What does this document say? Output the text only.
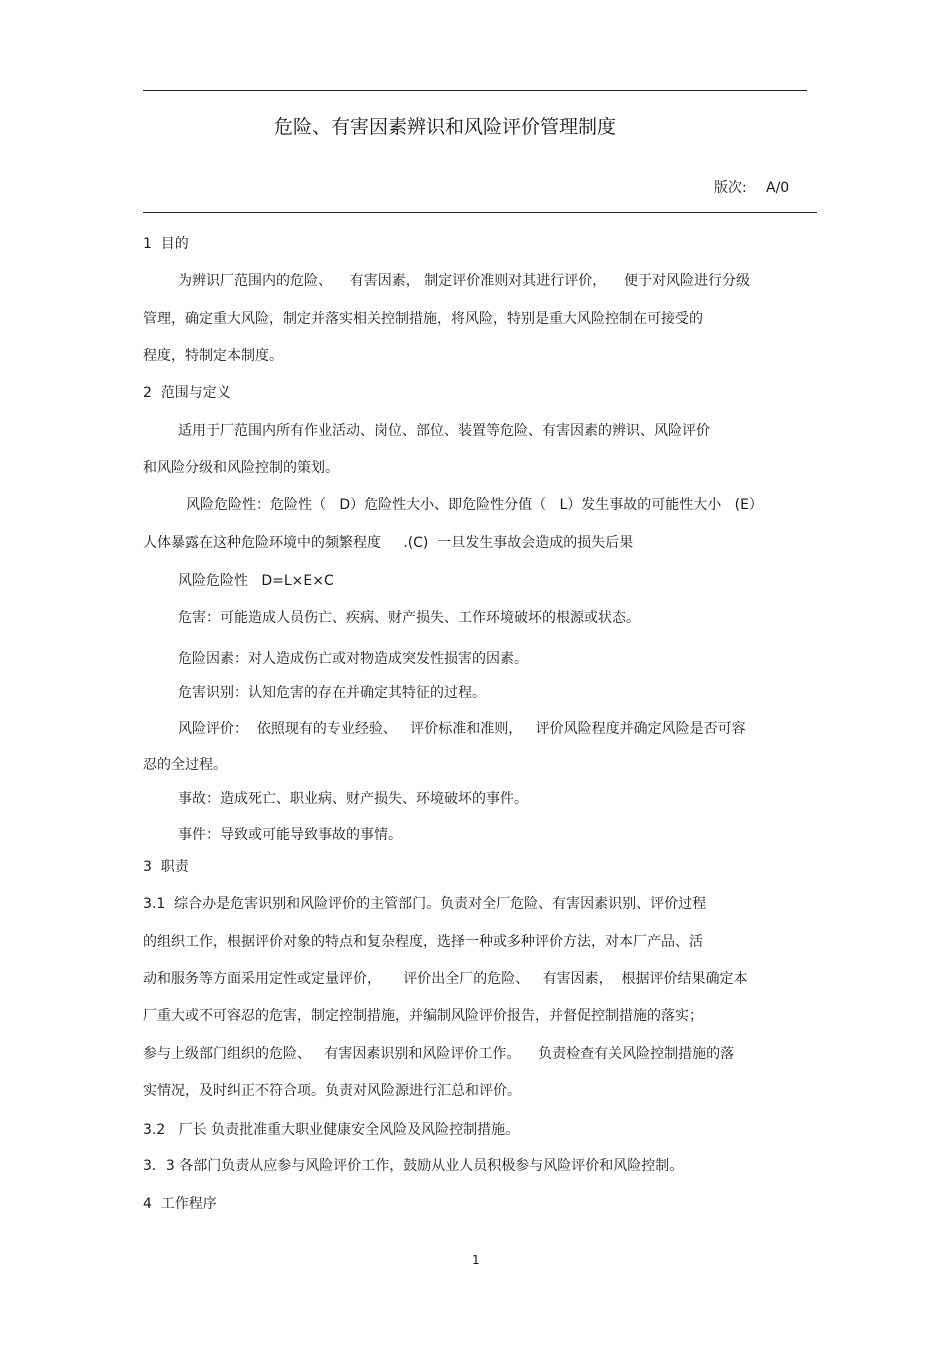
危险、有害因素辨识和风险评价管理制度
版次: A/0
1  目的
为辨识厂范围内的危险、    有害因素， 制定评价准则对其进行评价，    便于对风险进行分级
管理，确定重大风险，制定并落实相关控制措施，将风险，特别是重大风险控制在可接受的
程度，特制定本制度。
2  范围与定义
适用于厂范围内所有作业活动、岗位、部位、装置等危险、有害因素的辨识、风险评价
和风险分级和风险控制的策划。
风险危险性：危险性（   D）危险性大小、即危险性分值（   L）发生事故的可能性大小   (E）
人体暴露在这种危险环境中的频繁程度     .(C)  一旦发生事故会造成的损失后果
风险危险性   D=L×E×C
危害：可能造成人员伤亡、疾病、财产损失、工作环境破坏的根源或状态。
危险因素：对人造成伤亡或对物造成突发性损害的因素。
危害识别：认知危害的存在并确定其特征的过程。
风险评价：  依照现有的专业经验、   评价标准和准则，   评价风险程度并确定风险是否可容
忍的全过程。
事故：造成死亡、职业病、财产损失、环境破坏的事件。
事件：导致或可能导致事故的事情。
3  职责
3.1  综合办是危害识别和风险评价的主管部门。负责对全厂危险、有害因素识别、评价过程
的组织工作，根据评价对象的特点和复杂程度，选择一种或多种评价方法，对本厂产品、活
动和服务等方面采用定性或定量评价，     评价出全厂的危险、   有害因素，  根据评价结果确定本
厂重大或不可容忍的危害，制定控制措施，并编制风险评价报告，并督促控制措施的落实；
参与上级部门组织的危险、   有害因素识别和风险评价工作。    负责检查有关风险控制措施的落
实情况，及时纠正不符合项。负责对风险源进行汇总和评价。
3.2   厂长 负责批准重大职业健康安全风险及风险控制措施。
3．3 各部门负责从应参与风险评价工作，鼓励从业人员积极参与风险评价和风险控制。
4  工作程序
1
